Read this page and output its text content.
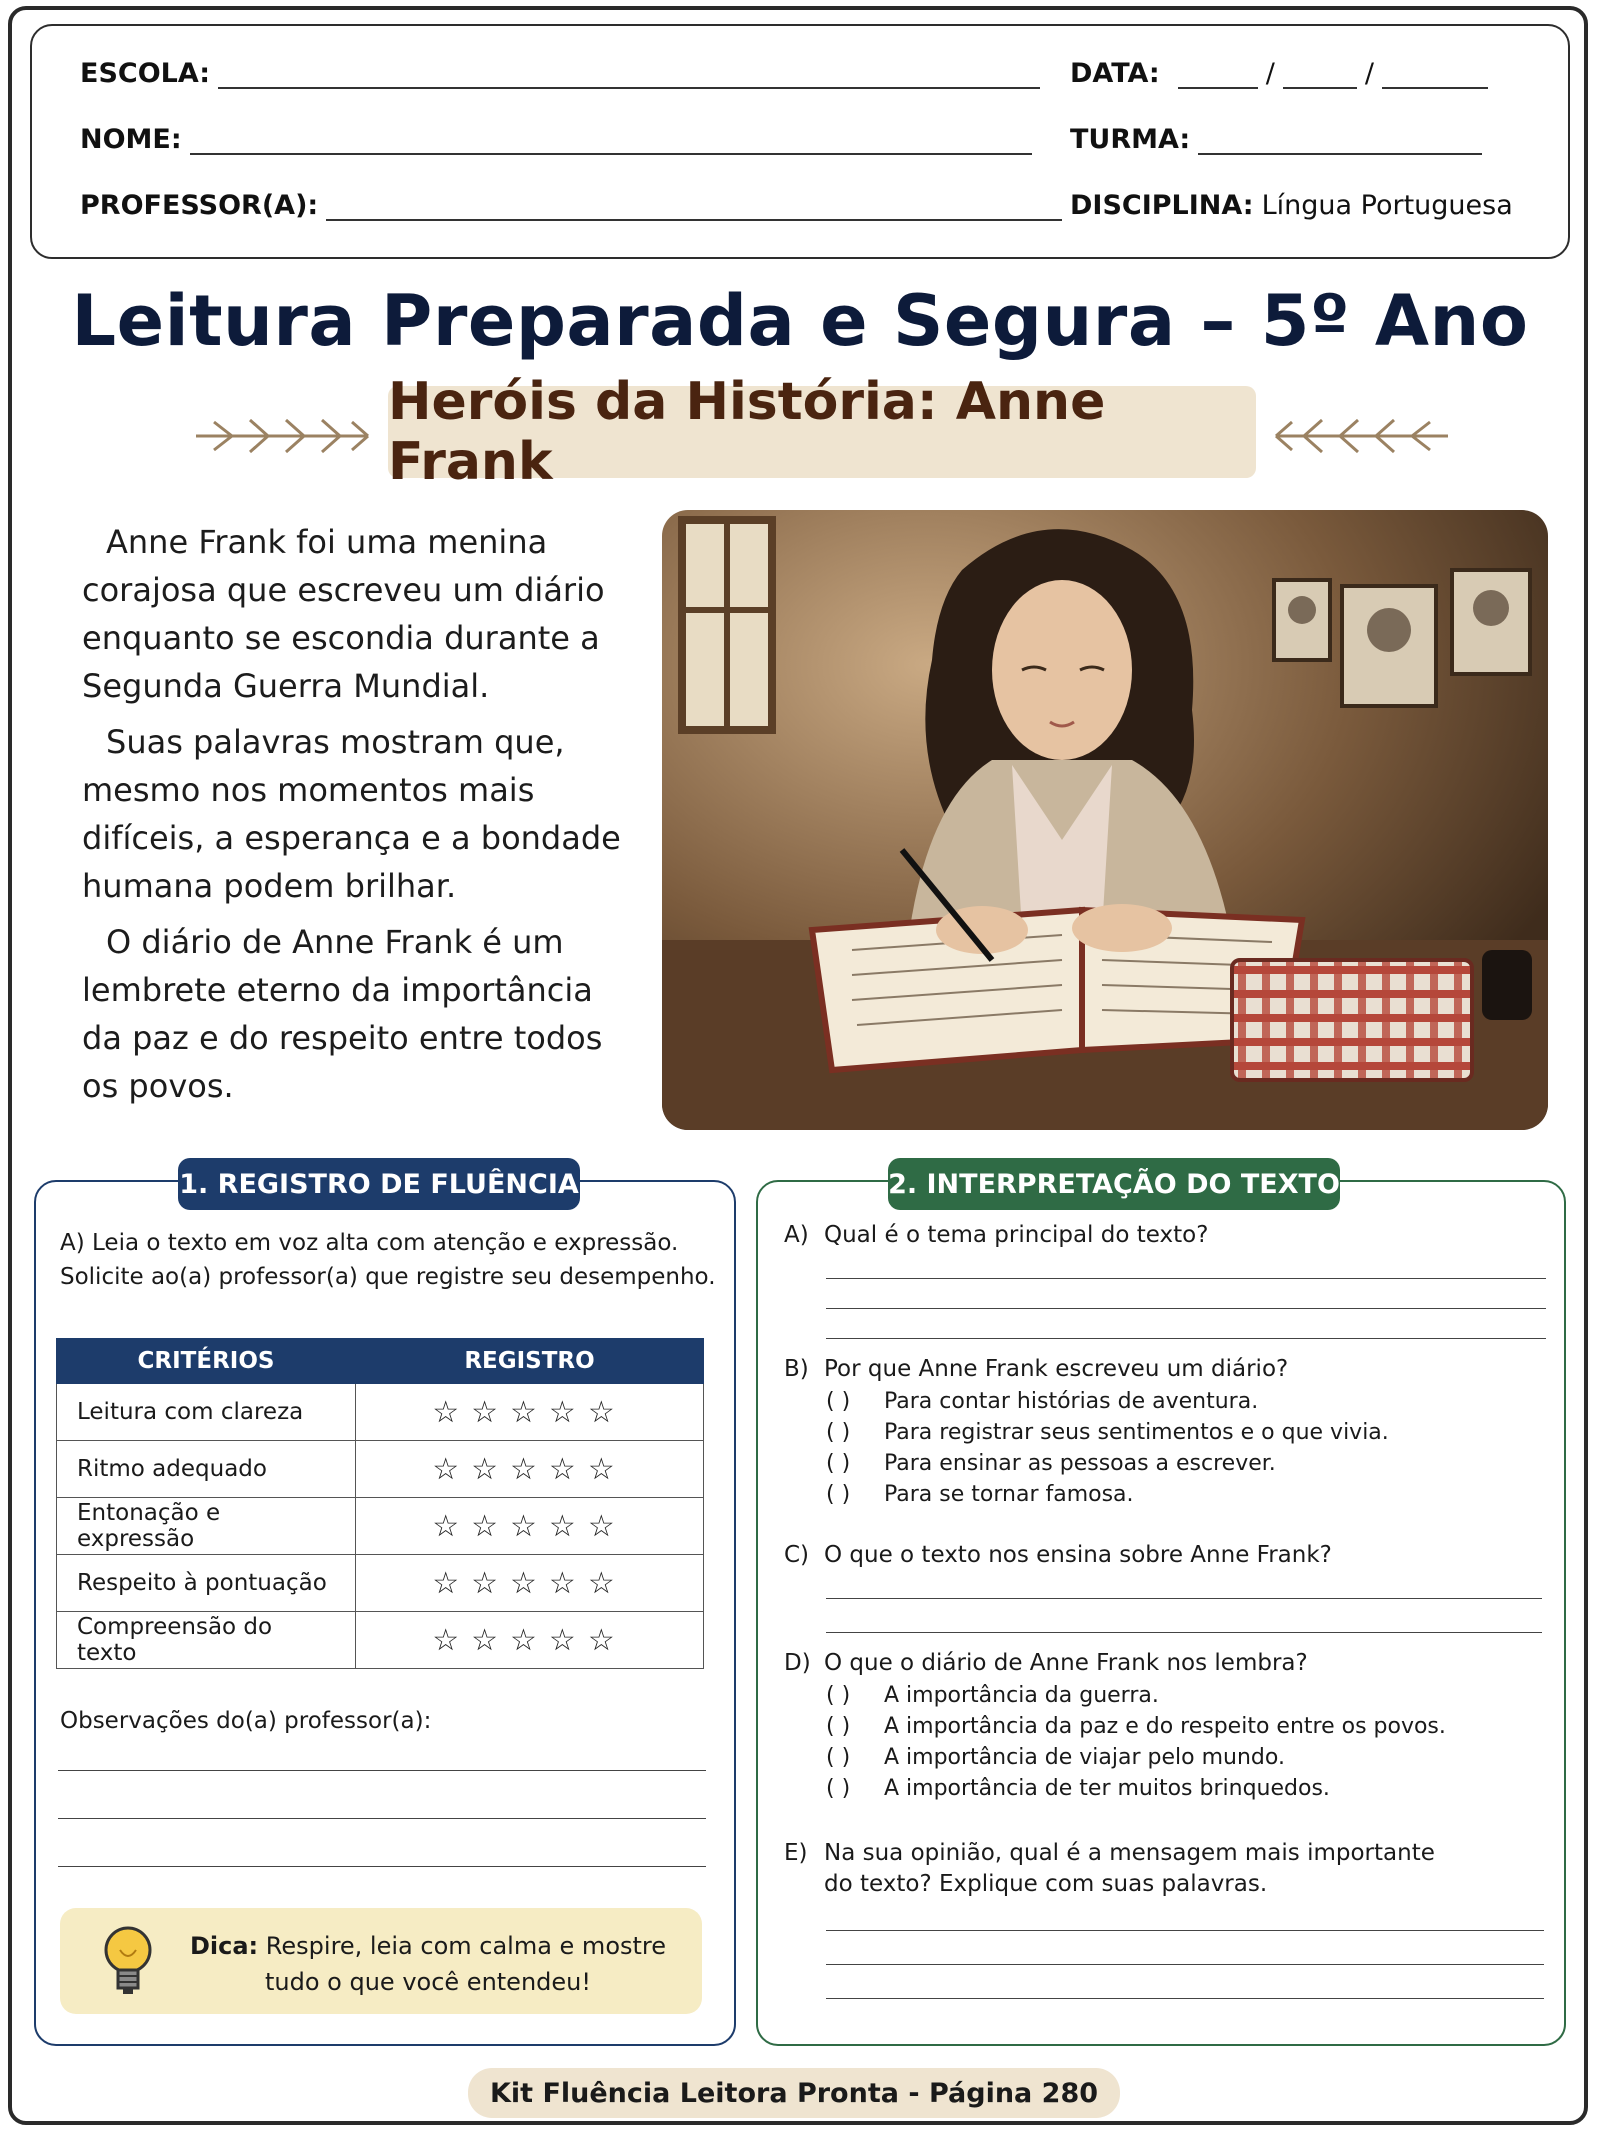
ESCOLA:
NOME:
PROFESSOR(A):
DATA:	/	/
TURMA:
DISCIPLINA: Língua Portuguesa
Leitura Preparada e Segura – 5º Ano
Heróis da História: Anne Frank

Anne Frank foi uma menina corajosa que escreveu um diário enquanto se escondia durante a Segunda Guerra Mundial.

Suas palavras mostram que, mesmo nos momentos mais difíceis, a esperança e a bondade humana podem brilhar.

O diário de Anne Frank é um lembrete eterno da importância da paz e do respeito entre todos os povos.

1. REGISTRO DE FLUÊNCIA
A) Leia o texto em voz alta com atenção e expressão.
Solicite ao(a) professor(a) que registre seu desempenho.
CRITÉRIOS	REGISTRO
Leitura com clareza	☆☆☆☆☆
Ritmo adequado	☆☆☆☆☆
Entonação e expressão	☆☆☆☆☆
Respeito à pontuação	☆☆☆☆☆
Compreensão do texto	☆☆☆☆☆
Observações do(a) professor(a):
Dica: Respire, leia com calma e mostre
tudo o que você entendeu!
2. INTERPRETAÇÃO DO TEXTO
A) Qual é o tema principal do texto?
B) Por que Anne Frank escreveu um diário?
( ) Para contar histórias de aventura.
( ) Para registrar seus sentimentos e o que vivia.
( ) Para ensinar as pessoas a escrever.
( ) Para se tornar famosa.
C) O que o texto nos ensina sobre Anne Frank?
D) O que o diário de Anne Frank nos lembra?
( ) A importância da guerra.
( ) A importância da paz e do respeito entre os povos.
( ) A importância de viajar pelo mundo.
( ) A importância de ter muitos brinquedos.
E) Na sua opinião, qual é a mensagem mais importante
do texto? Explique com suas palavras.
Kit Fluência Leitora Pronta - Página 280
